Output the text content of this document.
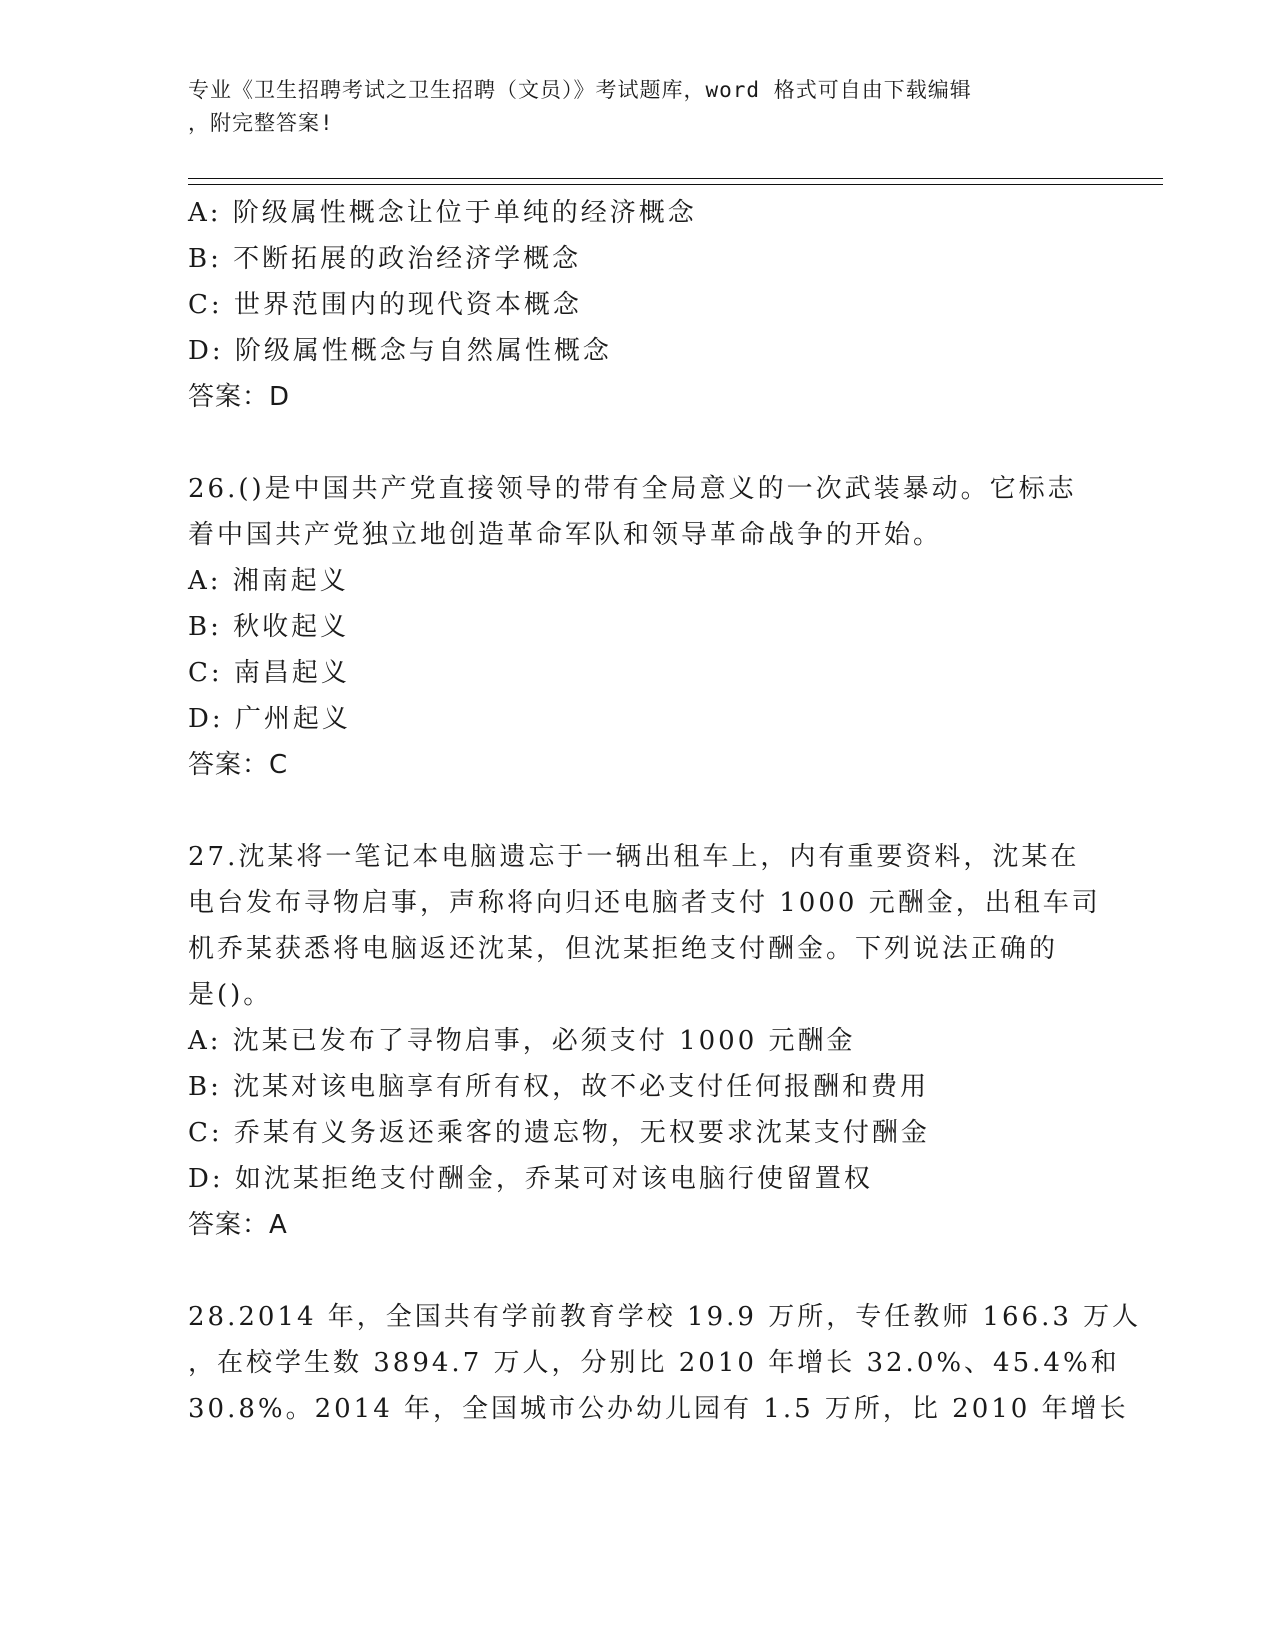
专业《卫生招聘考试之卫生招聘（文员）》考试题库，word 格式可自由下载编辑
，附完整答案!
A: 阶级属性概念让位于单纯的经济概念
B: 不断拓展的政治经济学概念
C: 世界范围内的现代资本概念
D: 阶级属性概念与自然属性概念
答案：D
26.()是中国共产党直接领导的带有全局意义的一次武装暴动。它标志
着中国共产党独立地创造革命军队和领导革命战争的开始。
A: 湘南起义
B: 秋收起义
C: 南昌起义
D: 广州起义
答案：C
27.沈某将一笔记本电脑遗忘于一辆出租车上，内有重要资料，沈某在
电台发布寻物启事，声称将向归还电脑者支付 1000 元酬金，出租车司
机乔某获悉将电脑返还沈某，但沈某拒绝支付酬金。下列说法正确的
是()。
A: 沈某已发布了寻物启事，必须支付 1000 元酬金
B: 沈某对该电脑享有所有权，故不必支付任何报酬和费用
C: 乔某有义务返还乘客的遗忘物，无权要求沈某支付酬金
D: 如沈某拒绝支付酬金，乔某可对该电脑行使留置权
答案：A
28.2014 年，全国共有学前教育学校 19.9 万所，专任教师 166.3 万人
，在校学生数 3894.7 万人，分别比 2010 年增长 32.0%、45.4%和
30.8%。2014 年，全国城市公办幼儿园有 1.5 万所，比 2010 年增长
